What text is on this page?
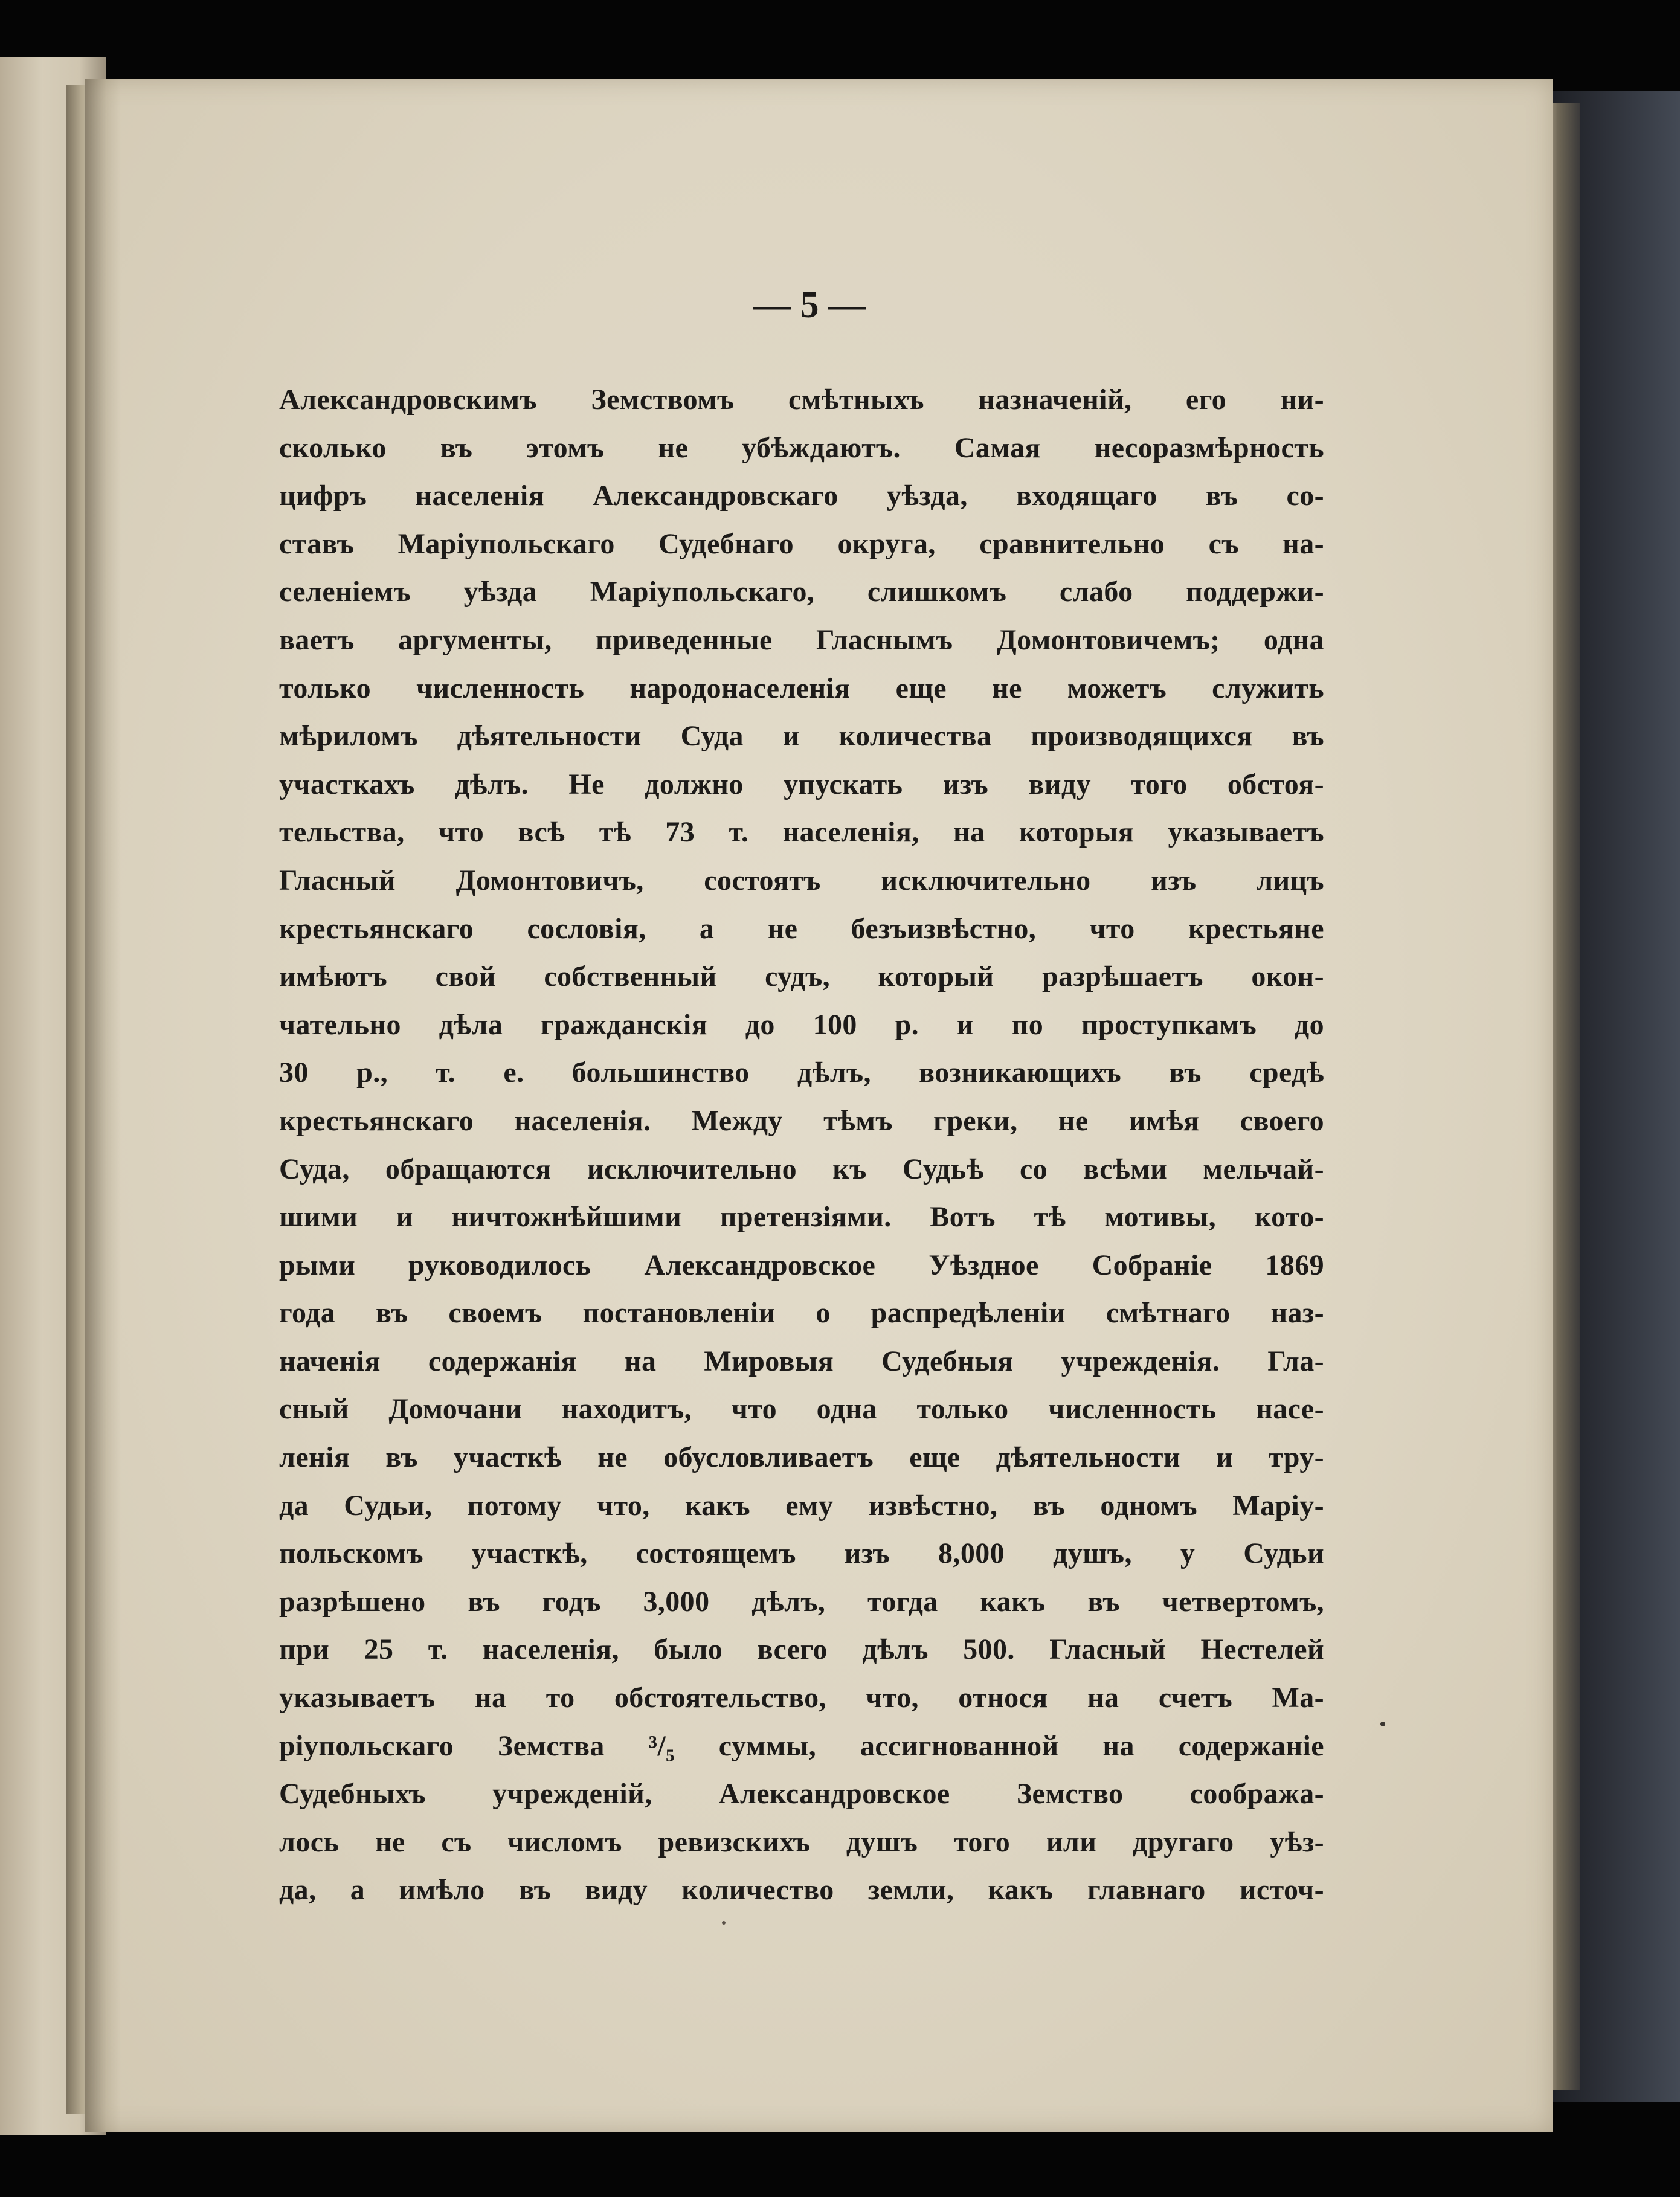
— 5 —
Александровскимъ Земствомъ смѣтныхъ назначеній, его ни-
сколько въ этомъ не убѣждаютъ. Самая несоразмѣрность
цифръ населенія Александровскаго уѣзда, входящаго въ со-
ставъ Маріупольскаго Судебнаго округа, сравнительно съ на-
селеніемъ уѣзда Маріупольскаго, слишкомъ слабо поддержи-
ваетъ аргументы, приведенные Гласнымъ Домонтовичемъ; одна
только численность народонаселенія еще не можетъ служить
мѣриломъ дѣятельности Суда и количества производящихся въ
участкахъ дѣлъ. Не должно упускать изъ виду того обстоя-
тельства, что всѣ тѣ 73 т. населенія, на которыя указываетъ
Гласный Домонтовичъ, состоятъ исключительно изъ лицъ
крестьянскаго сословія, а не безъизвѣстно, что крестьяне
имѣютъ свой собственный судъ, который разрѣшаетъ окон-
чательно дѣла гражданскія до 100 р. и по проступкамъ до
30 р., т. е. большинство дѣлъ, возникающихъ въ средѣ
крестьянскаго населенія. Между тѣмъ греки, не имѣя своего
Суда, обращаются исключительно къ Судьѣ со всѣми мельчай-
шими и ничтожнѣйшими претензіями. Вотъ тѣ мотивы, кото-
рыми руководилось Александровское Уѣздное Собраніе 1869
года въ своемъ постановленіи о распредѣленіи смѣтнаго наз-
наченія содержанія на Мировыя Судебныя учрежденія. Гла-
сный Домочани находитъ, что одна только численность насе-
ленія въ участкѣ не обусловливаетъ еще дѣятельности и тру-
да Судьи, потому что, какъ ему извѣстно, въ одномъ Маріу-
польскомъ участкѣ, состоящемъ изъ 8,000 душъ, у Судьи
разрѣшено въ годъ 3,000 дѣлъ, тогда какъ въ четвертомъ,
при 25 т. населенія, было всего дѣлъ 500. Гласный Нестелей
указываетъ на то обстоятельство, что, относя на счетъ Ма-
ріупольскаго Земства ³/₅ суммы, ассигнованной на содержаніе
Судебныхъ учрежденій, Александровское Земство сообража-
лось не съ числомъ ревизскихъ душъ того или другаго уѣз-
да, а имѣло въ виду количество земли, какъ главнаго источ-
